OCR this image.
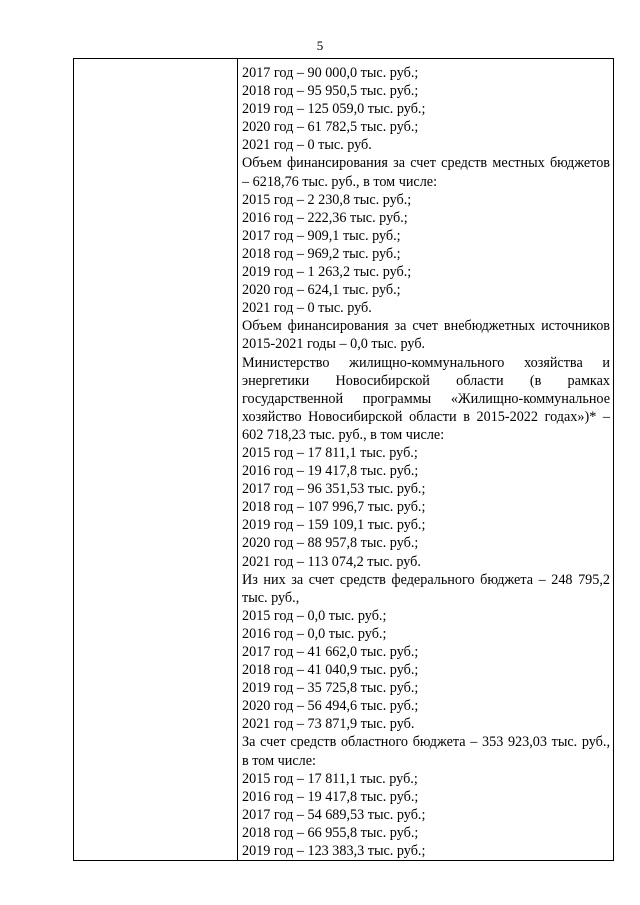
5

2017 год – 90 000,0 тыс. руб.;
2018 год – 95 950,5 тыс. руб.;
2019 год – 125 059,0 тыс. руб.;
2020 год – 61 782,5 тыс. руб.;
2021 год – 0 тыс. руб.
Объем финансирования за счет средств местных бюджетов – 6218,76 тыс. руб., в том числе:
2015 год – 2 230,8 тыс. руб.;
2016 год – 222,36 тыс. руб.;
2017 год – 909,1 тыс. руб.;
2018 год – 969,2 тыс. руб.;
2019 год – 1 263,2 тыс. руб.;
2020 год – 624,1 тыс. руб.;
2021 год – 0 тыс. руб.
Объем финансирования за счет внебюджетных источников 2015-2021 годы – 0,0 тыс. руб.
Министерство жилищно-коммунального хозяйства и энергетики Новосибирской области (в рамках государственной программы «Жилищно-коммунальное хозяйство Новосибирской области в 2015-2022 годах»)* – 602 718,23 тыс. руб., в том числе:
2015 год – 17 811,1 тыс. руб.;
2016 год – 19 417,8 тыс. руб.;
2017 год – 96 351,53 тыс. руб.;
2018 год – 107 996,7 тыс. руб.;
2019 год – 159 109,1 тыс. руб.;
2020 год – 88 957,8 тыс. руб.;
2021 год – 113 074,2 тыс. руб.
Из них за счет средств федерального бюджета – 248 795,2 тыс. руб.,
2015 год – 0,0 тыс. руб.;
2016 год – 0,0 тыс. руб.;
2017 год – 41 662,0 тыс. руб.;
2018 год – 41 040,9 тыс. руб.;
2019 год – 35 725,8 тыс. руб.;
2020 год – 56 494,6 тыс. руб.;
2021 год – 73 871,9 тыс. руб.
За счет средств областного бюджета – 353 923,03 тыс. руб., в том числе:
2015 год – 17 811,1 тыс. руб.;
2016 год – 19 417,8 тыс. руб.;
2017 год – 54 689,53 тыс. руб.;
2018 год – 66 955,8 тыс. руб.;
2019 год – 123 383,3 тыс. руб.;
